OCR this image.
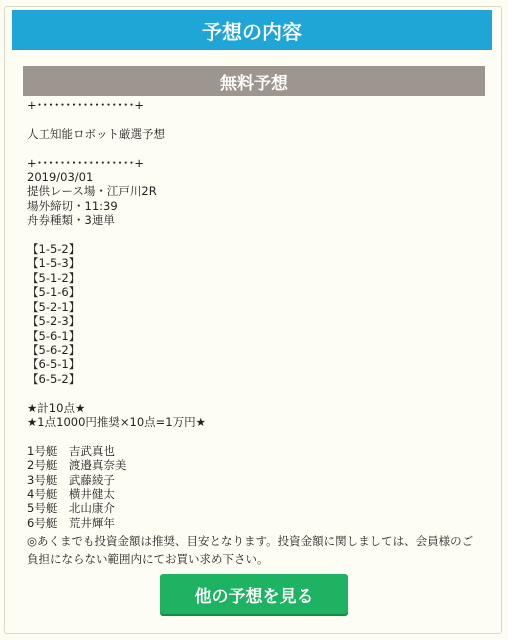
予想の内容
無料予想
+･････････････････+

人工知能ロボット厳選予想

+･････････････････+
2019/03/01
提供レース場・江戸川2R
場外締切・11:39
舟券種類・3連単

【1-5-2】
【1-5-3】
【5-1-2】
【5-1-6】
【5-2-1】
【5-2-3】
【5-6-1】
【5-6-2】
【6-5-1】
【6-5-2】

★計10点★
★1点1000円推奨×10点=1万円★

1号艇　吉武真也
2号艇　渡邉真奈美
3号艇　武藤綾子
4号艇　横井健太
5号艇　北山康介
6号艇　荒井輝年
◎あくまでも投資金額は推奨、目安となります。投資金額に関しましては、会員様のご負担にならない範囲内にてお買い求め下さい。
他の予想を見る
